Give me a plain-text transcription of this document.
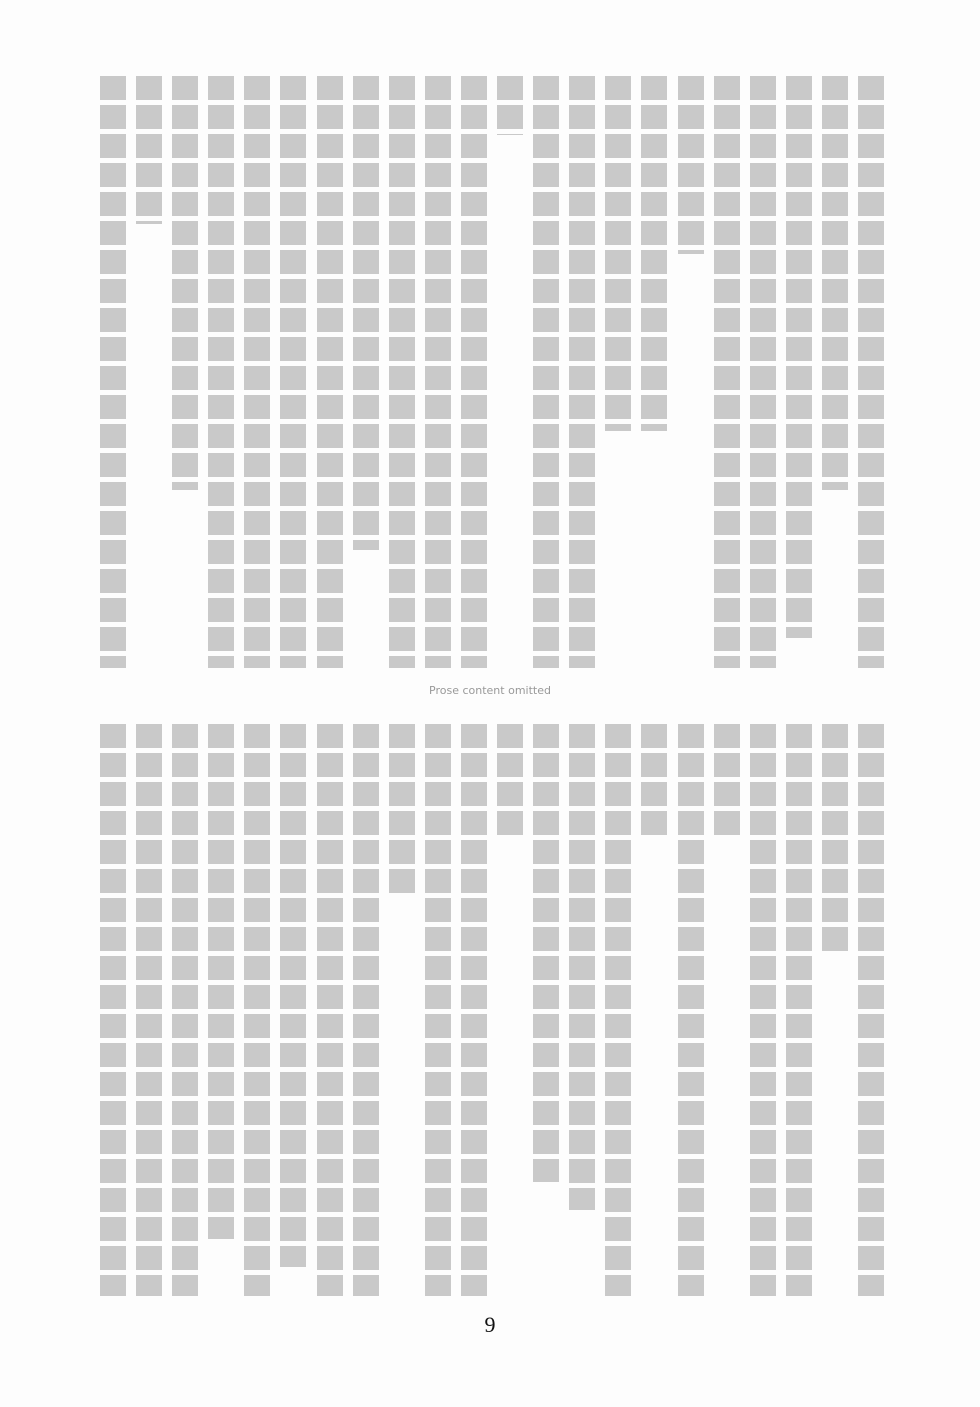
Prose content omitted
9
